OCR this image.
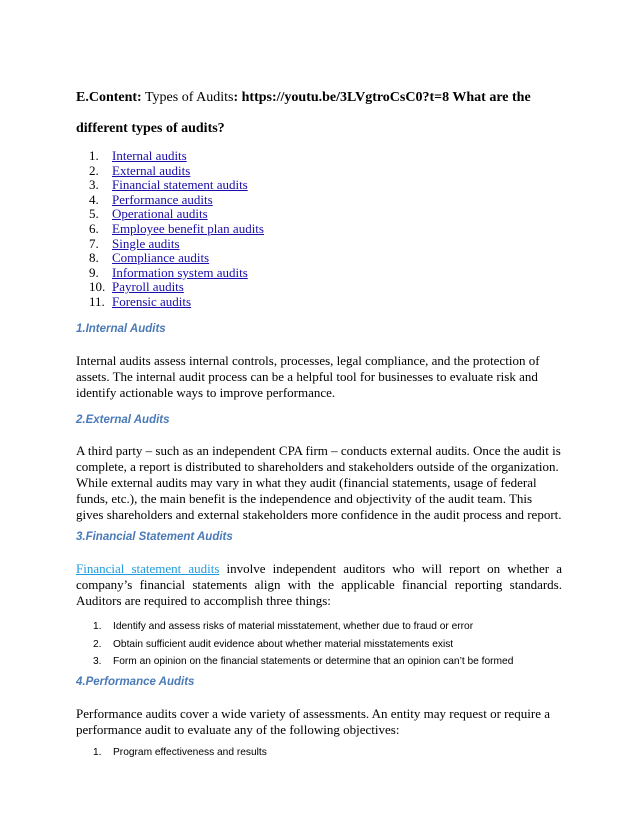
E.Content: Types of Audits: https://youtu.be/3LVgtroCsC0?t=8 What are the
different types of audits?
1. Internal audits
2. External audits
3. Financial statement audits
4. Performance audits
5. Operational audits
6. Employee benefit plan audits
7. Single audits
8. Compliance audits
9. Information system audits
10. Payroll audits
11. Forensic audits
1.Internal Audits

Internal audits assess internal controls, processes, legal compliance, and the protection of assets. The internal audit process can be a helpful tool for businesses to evaluate risk and identify actionable ways to improve performance.

2.External Audits

A third party – such as an independent CPA firm – conducts external audits. Once the audit is complete, a report is distributed to shareholders and stakeholders outside of the organization. While external audits may vary in what they audit (financial statements, usage of federal funds, etc.), the main benefit is the independence and objectivity of the audit team. This gives shareholders and external stakeholders more confidence in the audit process and report.

3.Financial Statement Audits

Financial statement audits involve independent auditors who will report on whether a company’s financial statements align with the applicable financial reporting standards. Auditors are required to accomplish three things:

1. Identify and assess risks of material misstatement, whether due to fraud or error
2. Obtain sufficient audit evidence about whether material misstatements exist
3. Form an opinion on the financial statements or determine that an opinion can’t be formed
4.Performance Audits

Performance audits cover a wide variety of assessments. An entity may request or require a performance audit to evaluate any of the following objectives:

1. Program effectiveness and results
